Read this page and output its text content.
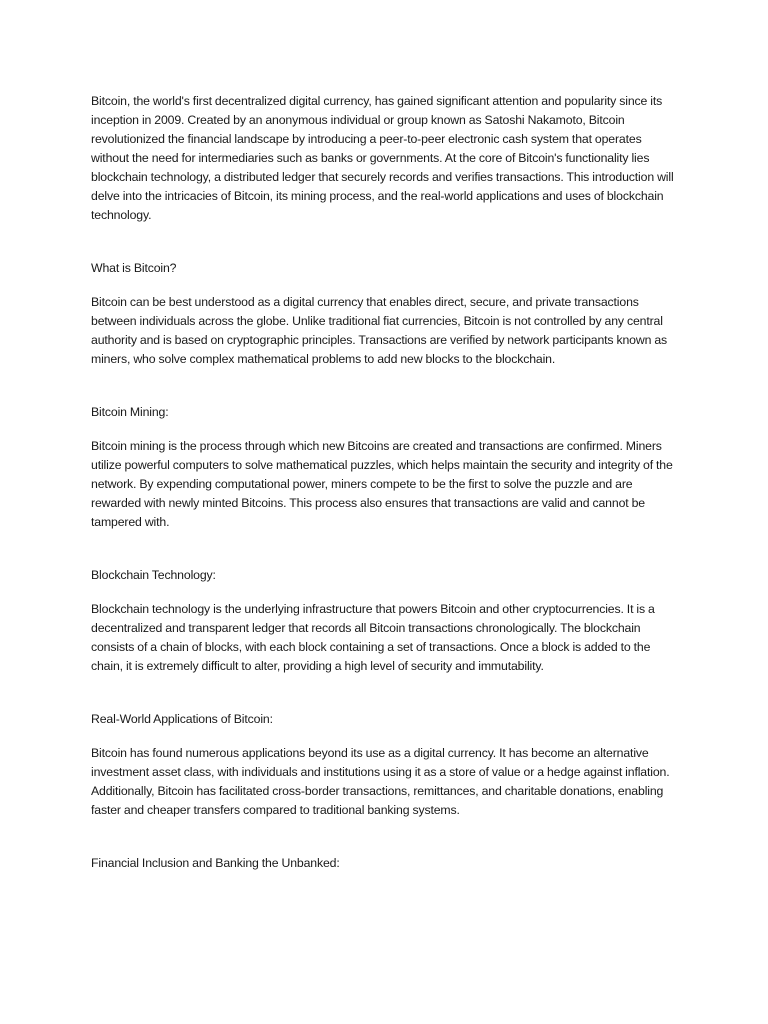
Bitcoin, the world's first decentralized digital currency, has gained significant attention and popularity since its inception in 2009. Created by an anonymous individual or group known as Satoshi Nakamoto, Bitcoin revolutionized the financial landscape by introducing a peer-to-peer electronic cash system that operates without the need for intermediaries such as banks or governments. At the core of Bitcoin's functionality lies blockchain technology, a distributed ledger that securely records and verifies transactions. This introduction will delve into the intricacies of Bitcoin, its mining process, and the real-world applications and uses of blockchain technology.

What is Bitcoin?

Bitcoin can be best understood as a digital currency that enables direct, secure, and private transactions between individuals across the globe. Unlike traditional fiat currencies, Bitcoin is not controlled by any central authority and is based on cryptographic principles. Transactions are verified by network participants known as miners, who solve complex mathematical problems to add new blocks to the blockchain.

Bitcoin Mining:

Bitcoin mining is the process through which new Bitcoins are created and transactions are confirmed. Miners utilize powerful computers to solve mathematical puzzles, which helps maintain the security and integrity of the network. By expending computational power, miners compete to be the first to solve the puzzle and are rewarded with newly minted Bitcoins. This process also ensures that transactions are valid and cannot be tampered with.

Blockchain Technology:

Blockchain technology is the underlying infrastructure that powers Bitcoin and other cryptocurrencies. It is a decentralized and transparent ledger that records all Bitcoin transactions chronologically. The blockchain consists of a chain of blocks, with each block containing a set of transactions. Once a block is added to the chain, it is extremely difficult to alter, providing a high level of security and immutability.

Real-World Applications of Bitcoin:

Bitcoin has found numerous applications beyond its use as a digital currency. It has become an alternative investment asset class, with individuals and institutions using it as a store of value or a hedge against inflation. Additionally, Bitcoin has facilitated cross-border transactions, remittances, and charitable donations, enabling faster and cheaper transfers compared to traditional banking systems.

Financial Inclusion and Banking the Unbanked:
